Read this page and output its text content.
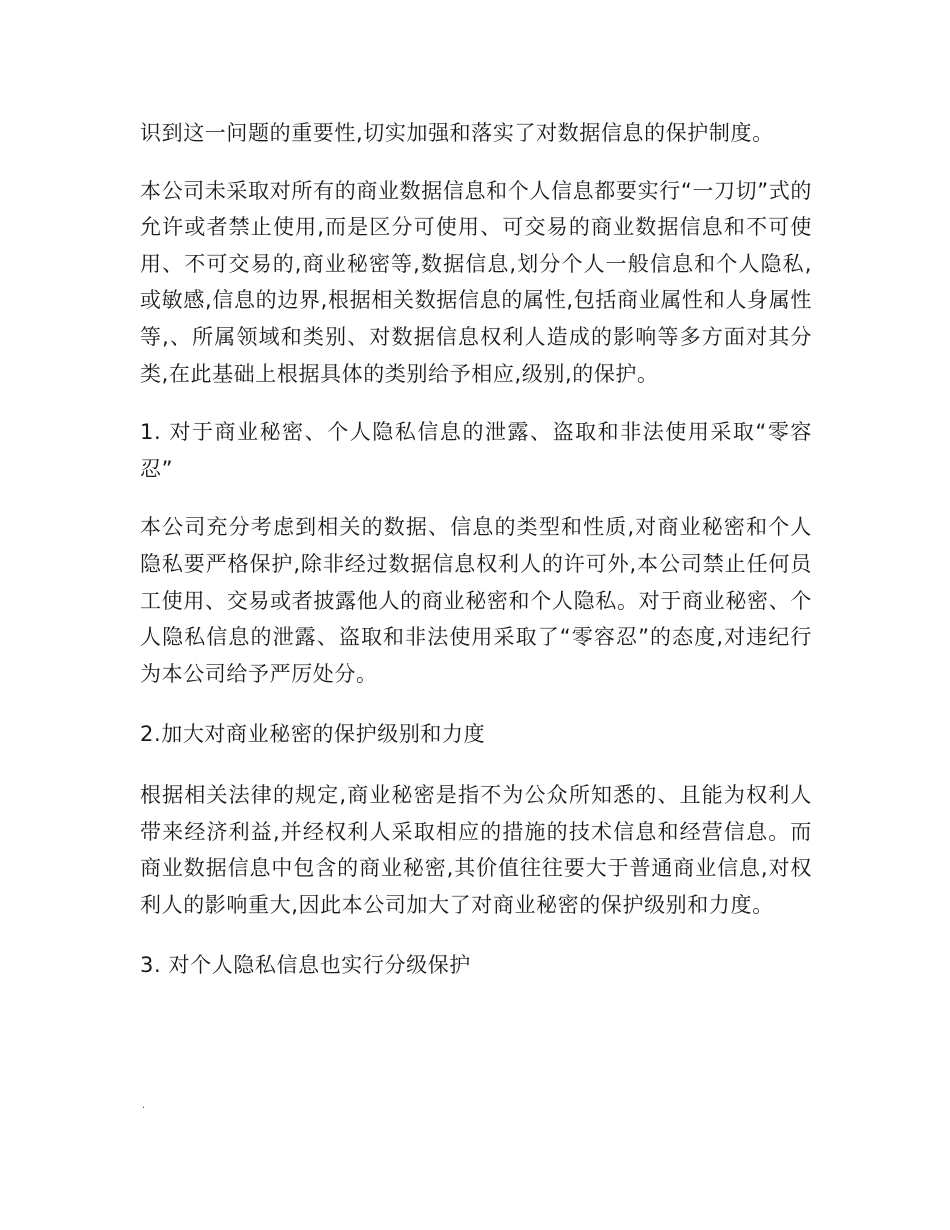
识到这一问题的重要性,切实加强和落实了对数据信息的保护制度。

本公司未采取对所有的商业数据信息和个人信息都要实行“一刀切”式的允许或者禁止使用,而是区分可使用、可交易的商业数据信息和不可使用、不可交易的,商业秘密等,数据信息,划分个人一般信息和个人隐私,或敏感,信息的边界,根据相关数据信息的属性,包括商业属性和人身属性等,、所属领域和类别、对数据信息权利人造成的影响等多方面对其分类,在此基础上根据具体的类别给予相应,级别,的保护。

1. 对于商业秘密、个人隐私信息的泄露、盗取和非法使用采取“零容忍”

本公司充分考虑到相关的数据、信息的类型和性质,对商业秘密和个人隐私要严格保护,除非经过数据信息权利人的许可外,本公司禁止任何员工使用、交易或者披露他人的商业秘密和个人隐私。对于商业秘密、个人隐私信息的泄露、盗取和非法使用采取了“零容忍”的态度,对违纪行为本公司给予严厉处分。

2.加大对商业秘密的保护级别和力度

根据相关法律的规定,商业秘密是指不为公众所知悉的、且能为权利人带来经济利益,并经权利人采取相应的措施的技术信息和经营信息。而商业数据信息中包含的商业秘密,其价值往往要大于普通商业信息,对权利人的影响重大,因此本公司加大了对商业秘密的保护级别和力度。

3. 对个人隐私信息也实行分级保护

.
